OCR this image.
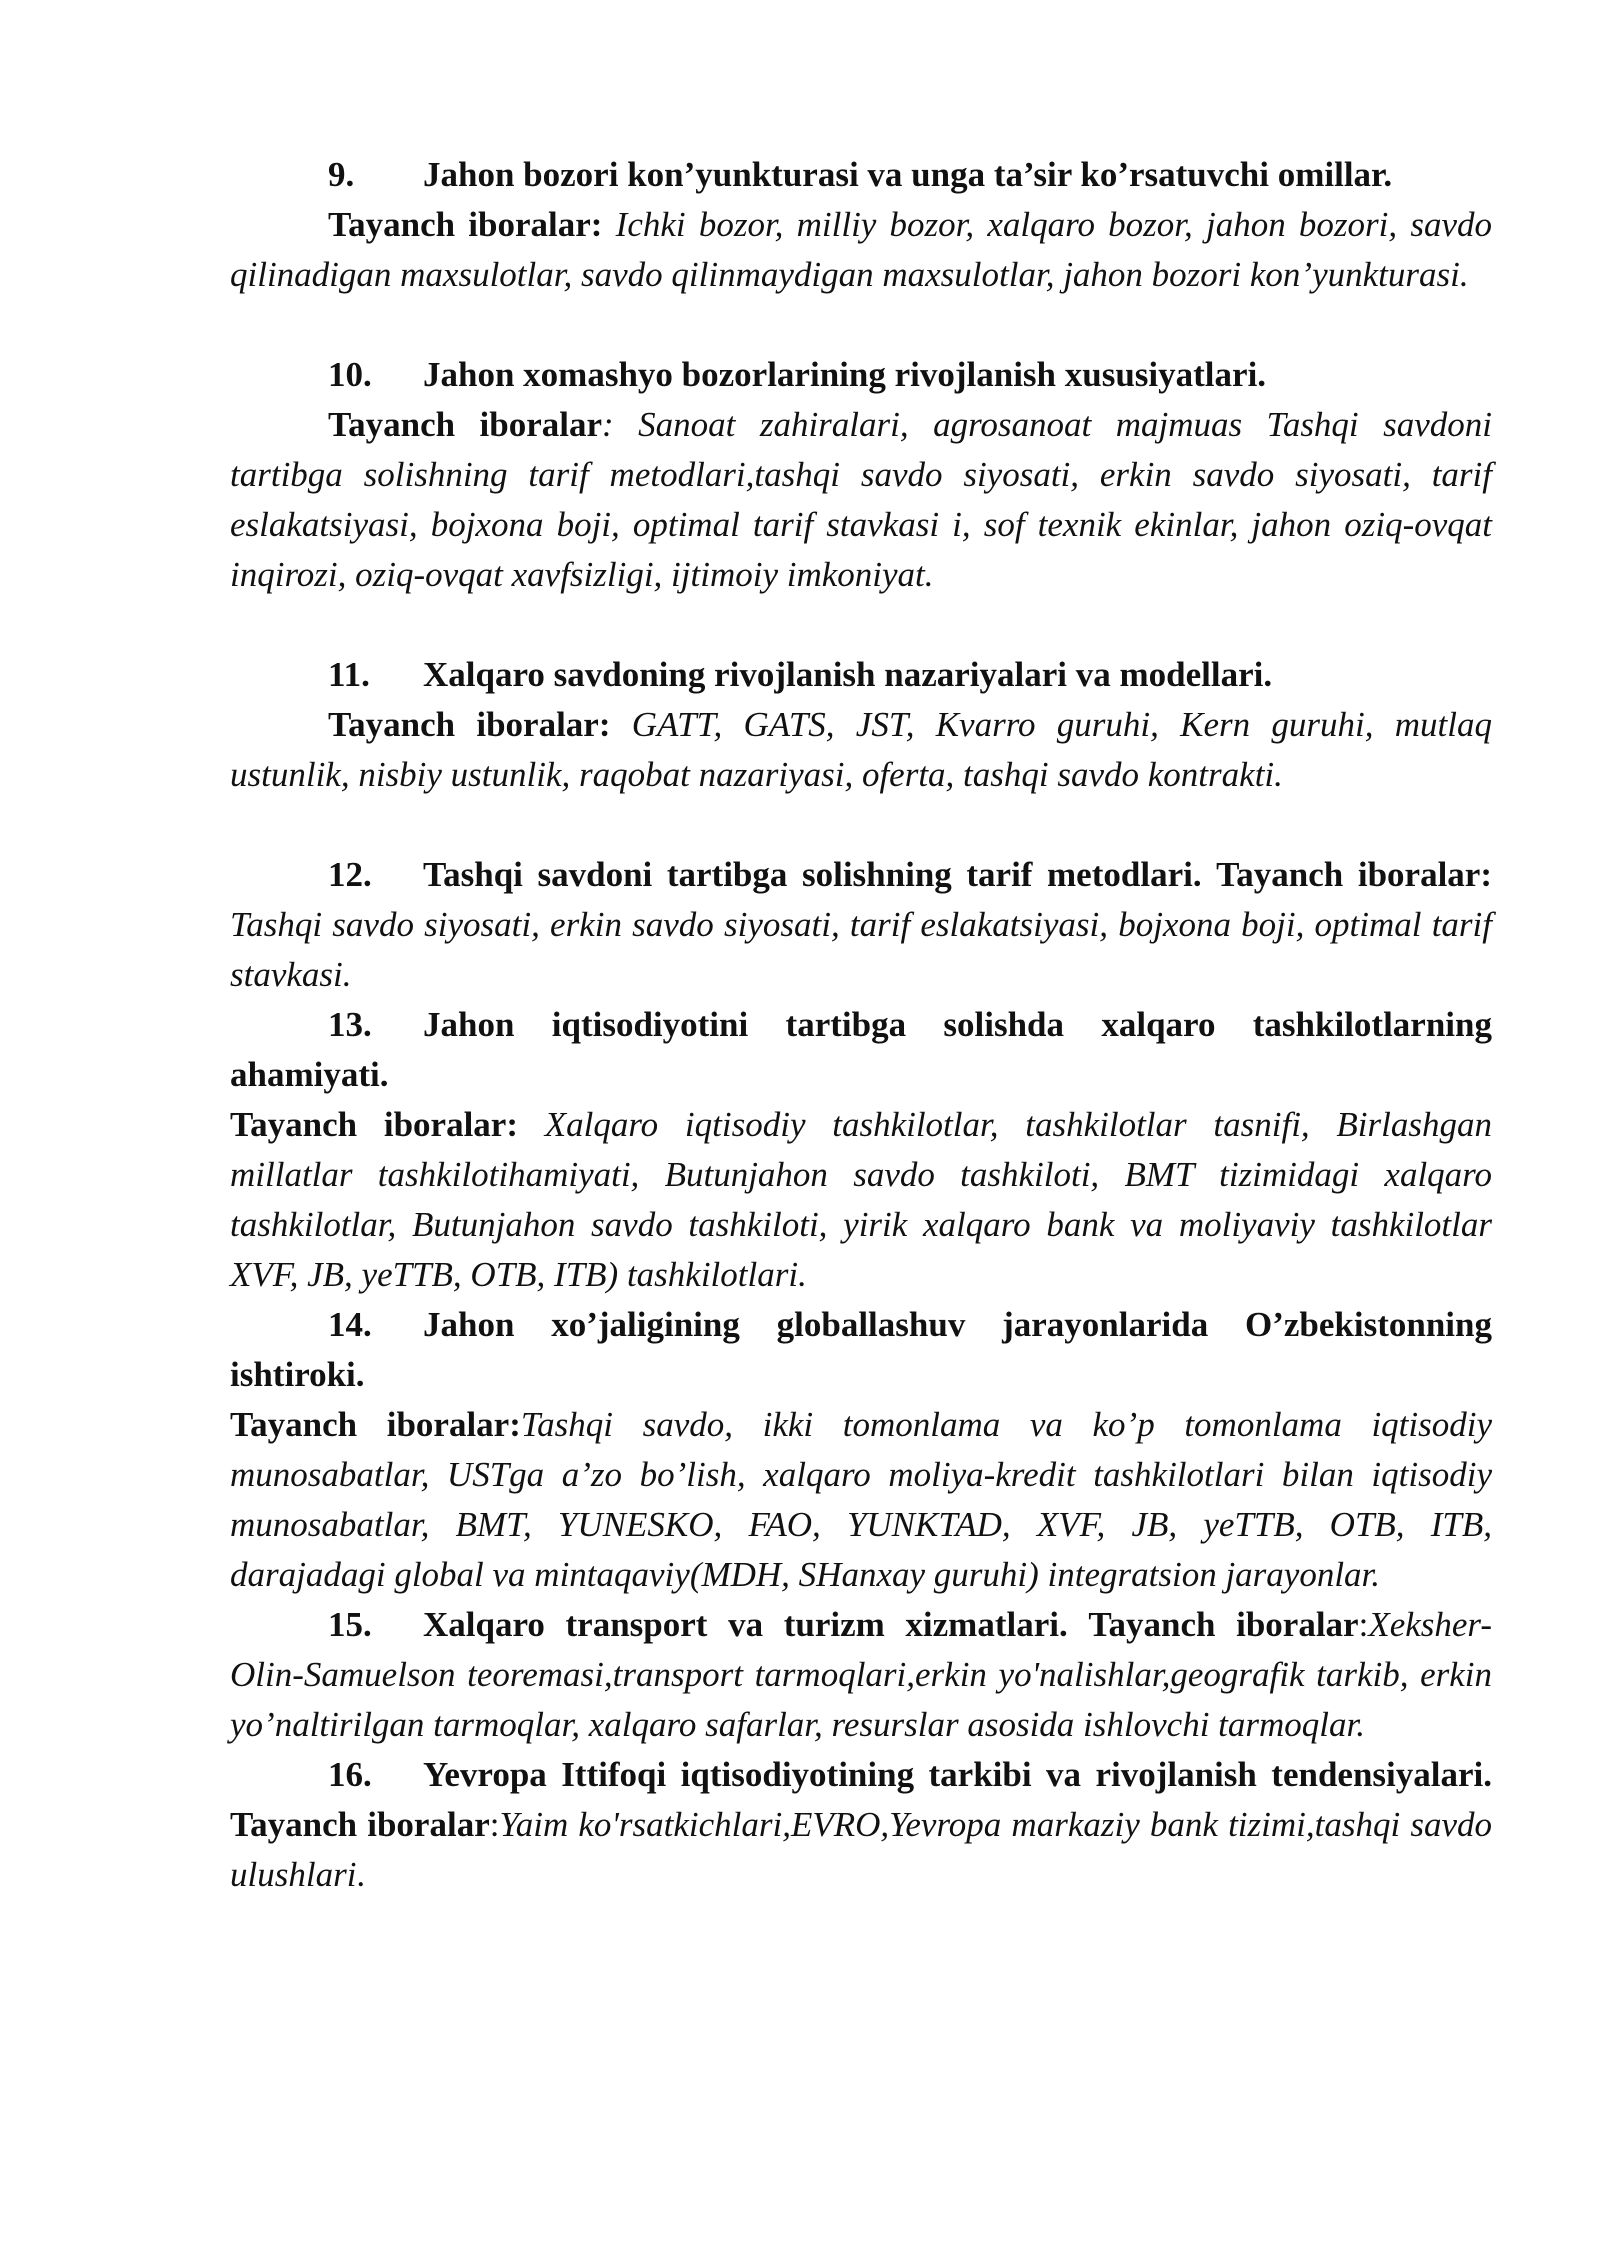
9. Jahon bozori kon’yunkturasi va unga ta’sir ko’rsatuvchi omillar.

Tayanch iboralar: Ichki bozor, milliy bozor, xalqaro bozor, jahon bozori, savdo qilinadigan maxsulotlar, savdo qilinmaydigan maxsulotlar, jahon bozori kon’yunkturasi.

10. Jahon xomashyo bozorlarining rivojlanish xususiyatlari.

Tayanch iboralar: Sanoat zahiralari, agrosanoat majmuas Tashqi savdoni tartibga solishning tarif metodlari,tashqi savdo siyosati, erkin savdo siyosati, tarif eslakatsiyasi, bojxona boji, optimal tarif stavkasi i, sof texnik ekinlar, jahon oziq-ovqat inqirozi, oziq-ovqat xavfsizligi, ijtimoiy imkoniyat.

11. Xalqaro savdoning rivojlanish nazariyalari va modellari.

Tayanch iboralar: GATT, GATS, JST, Kvarro guruhi, Kern guruhi, mutlaq ustunlik, nisbiy ustunlik, raqobat nazariyasi, oferta, tashqi savdo kontrakti.

12. Tashqi savdoni tartibga solishning tarif metodlari. Tayanch iboralar: Tashqi savdo siyosati, erkin savdo siyosati, tarif eslakatsiyasi, bojxona boji, optimal tarif stavkasi.

13. Jahon iqtisodiyotini tartibga solishda xalqaro tashkilotlarning ahamiyati.

Tayanch iboralar: Xalqaro iqtisodiy tashkilotlar, tashkilotlar tasnifi, Birlashgan millatlar tashkilotihamiyati, Butunjahon savdo tashkiloti, BMT tizimidagi xalqaro tashkilotlar, Butunjahon savdo tashkiloti, yirik xalqaro bank va moliyaviy tashkilotlar XVF, JB, yeTTB, OTB, ITB) tashkilotlari.

14. Jahon xo’jaligining globallashuv jarayonlarida O’zbekistonning ishtiroki.

Tayanch iboralar:Tashqi savdo, ikki tomonlama va ko’p tomonlama iqtisodiy munosabatlar, USTga a’zo bo’lish, xalqaro moliya-kredit tashkilotlari bilan iqtisodiy munosabatlar, BMT, YUNESKO, FAO, YUNKTAD, XVF, JB, yeTTB, OTB, ITB, darajadagi global va mintaqaviy(MDH, SHanxay guruhi) integratsion jarayonlar.

15. Xalqaro transport va turizm xizmatlari. Tayanch iboralar:Xeksher-Olin-Samuelson teoremasi,transport tarmoqlari,erkin yo'nalishlar,geografik tarkib, erkin yo’naltirilgan tarmoqlar, xalqaro safarlar, resurslar asosida ishlovchi tarmoqlar.

16. Yevropa Ittifoqi iqtisodiyotining tarkibi va rivojlanish tendensiyalari. Tayanch iboralar:Yaim ko'rsatkichlari,EVRO,Yevropa markaziy bank tizimi,tashqi savdo ulushlari.
